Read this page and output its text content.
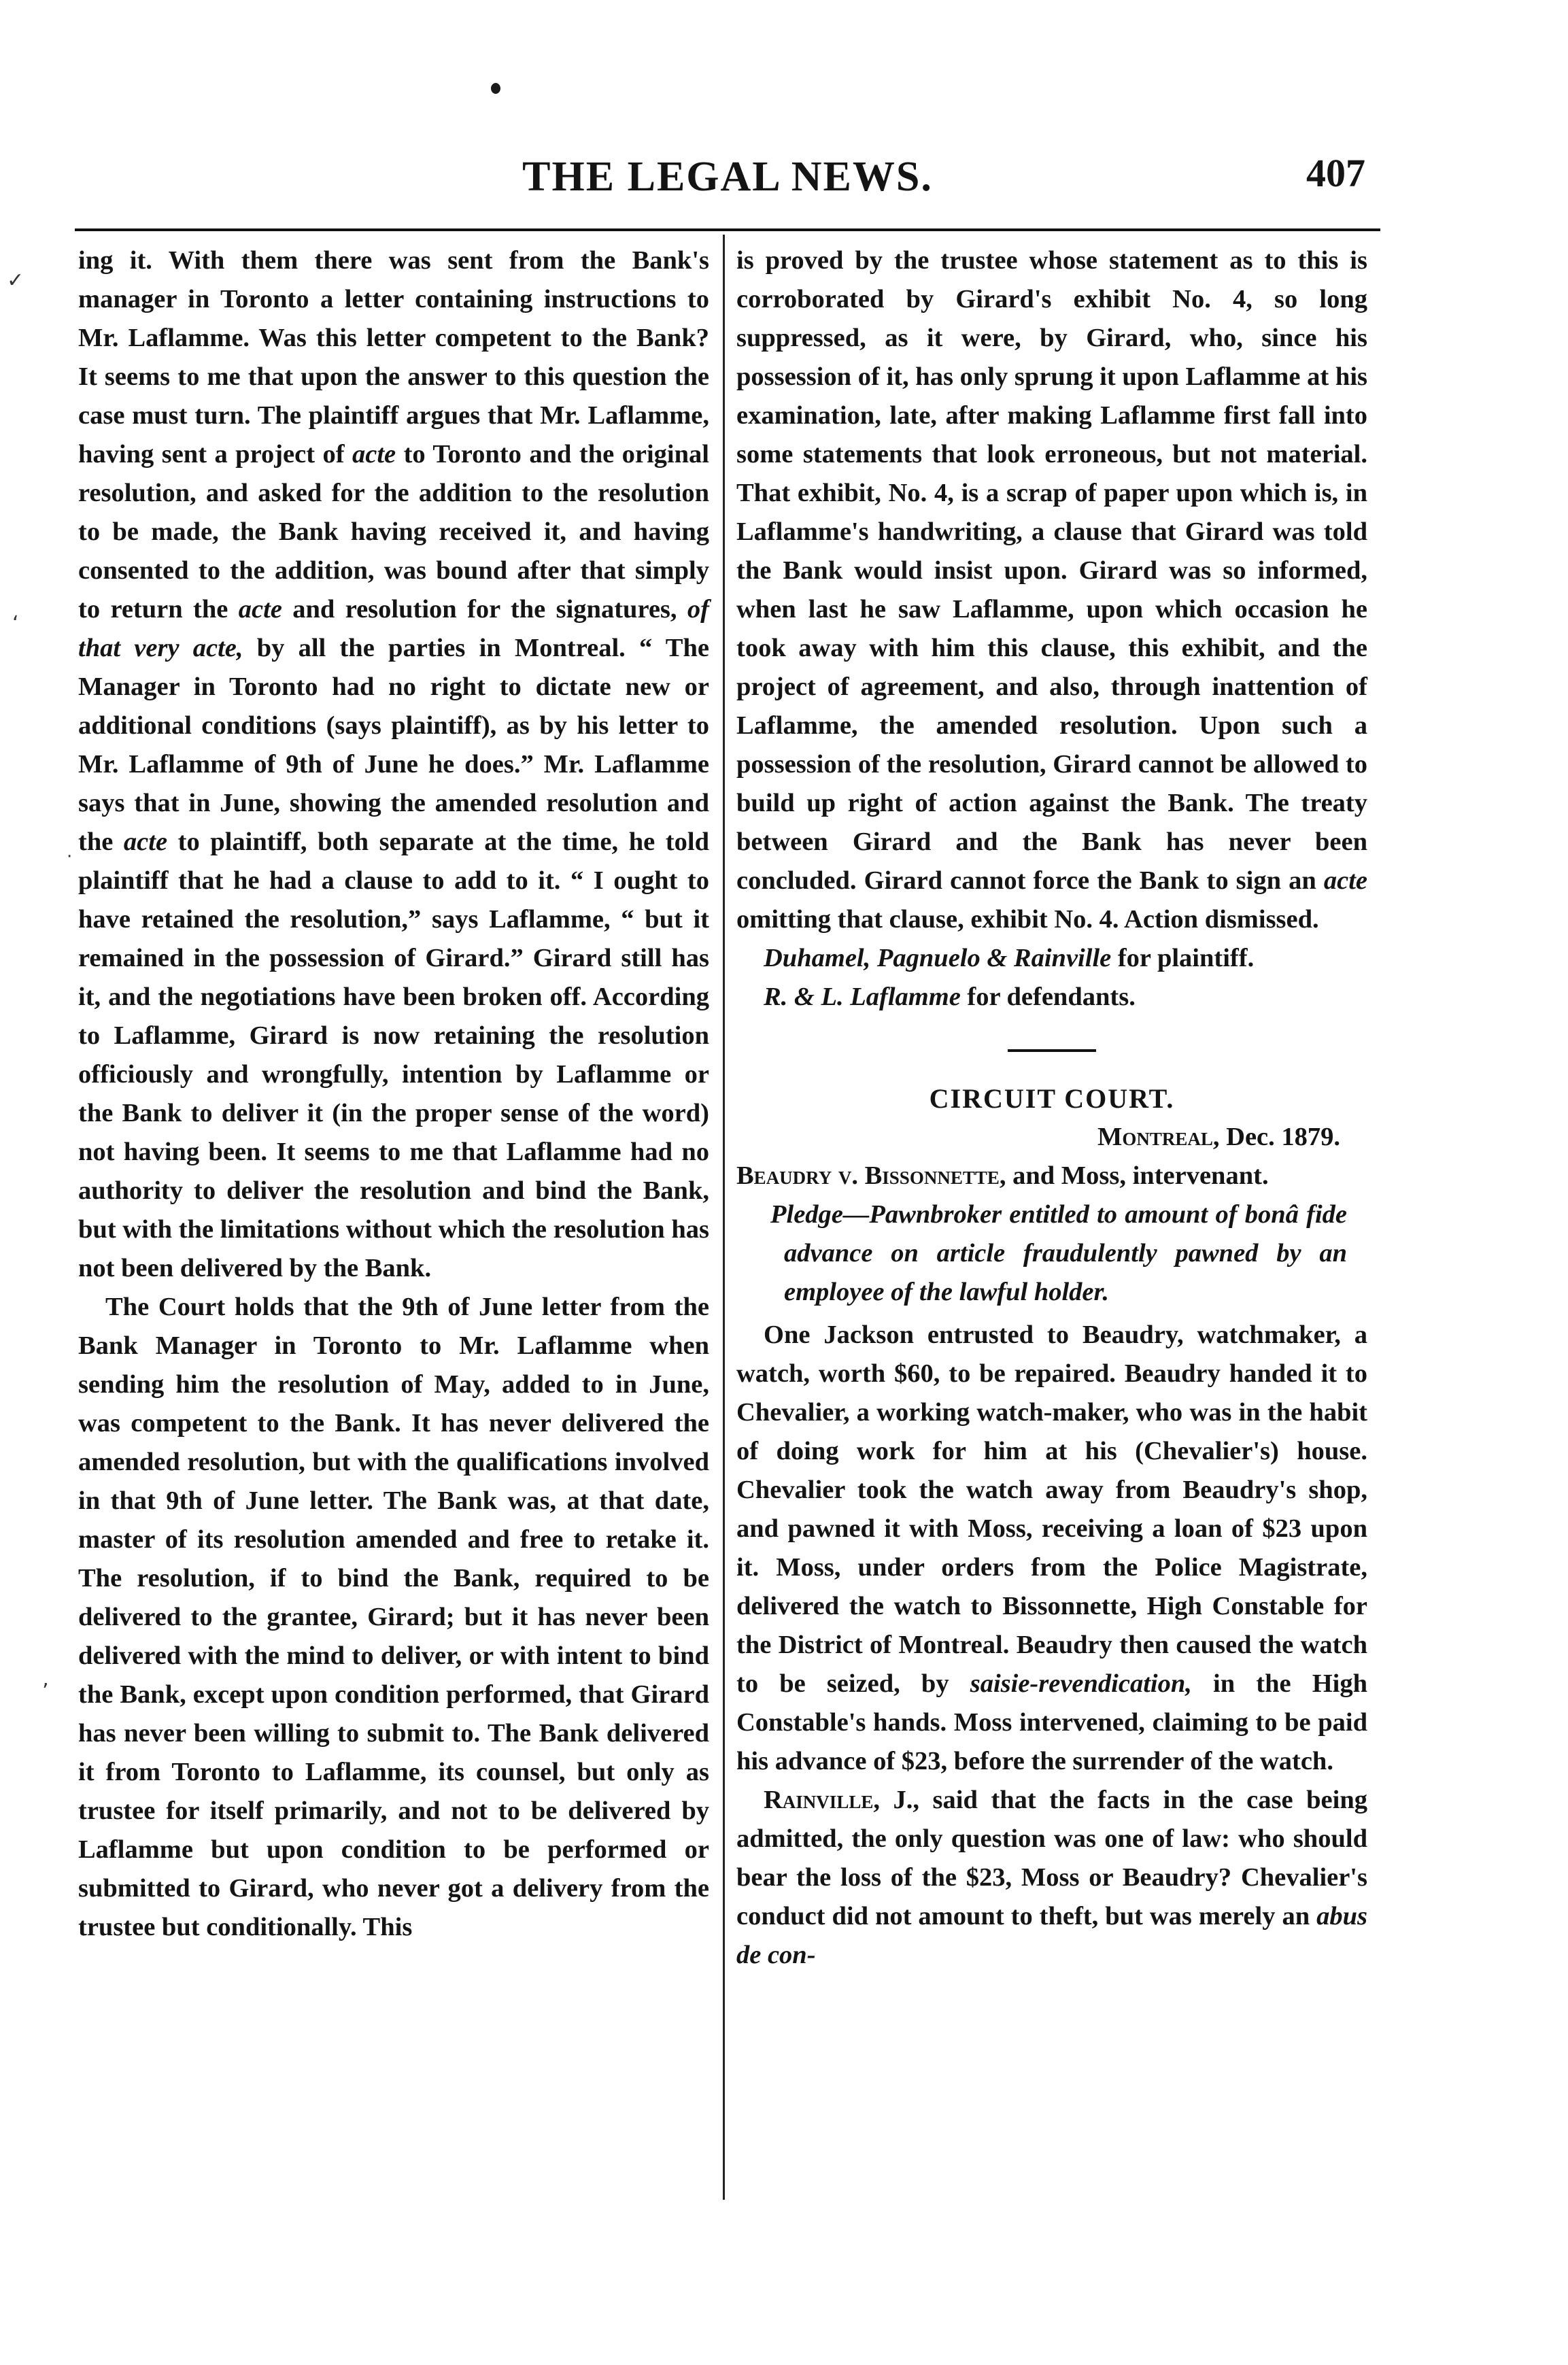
✓
‘
·
’
THE LEGAL NEWS.	407

ing it. With them there was sent from the Bank's manager in Toronto a letter containing instructions to Mr. Laflamme. Was this letter competent to the Bank? It seems to me that upon the answer to this question the case must turn. The plaintiff argues that Mr. Laflamme, having sent a project of acte to Toronto and the original resolution, and asked for the addition to the resolution to be made, the Bank having received it, and having consented to the addition, was bound after that simply to return the acte and resolution for the signatures, of that very acte, by all the parties in Montreal. “ The Manager in Toronto had no right to dictate new or additional conditions (says plaintiff), as by his letter to Mr. Laflamme of 9th of June he does.” Mr. Laflamme says that in June, showing the amended resolution and the acte to plaintiff, both separate at the time, he told plaintiff that he had a clause to add to it. “ I ought to have retained the resolution,” says Laflamme, “ but it remained in the possession of Girard.” Girard still has it, and the negotiations have been broken off. According to Laflamme, Girard is now retaining the resolution officiously and wrongfully, intention by Laflamme or the Bank to deliver it (in the proper sense of the word) not having been. It seems to me that Laflamme had no authority to deliver the resolution and bind the Bank, but with the limitations without which the resolution has not been delivered by the Bank.

The Court holds that the 9th of June letter from the Bank Manager in Toronto to Mr. Laflamme when sending him the resolution of May, added to in June, was competent to the Bank. It has never delivered the amended resolution, but with the qualifications involved in that 9th of June letter. The Bank was, at that date, master of its resolution amended and free to retake it. The resolution, if to bind the Bank, required to be delivered to the grantee, Girard; but it has never been delivered with the mind to deliver, or with intent to bind the Bank, except upon condition performed, that Girard has never been willing to submit to. The Bank delivered it from Toronto to Laflamme, its counsel, but only as trustee for itself primarily, and not to be delivered by Laflamme but upon condition to be performed or submitted to Girard, who never got a delivery from the trustee but conditionally. This

is proved by the trustee whose statement as to this is corroborated by Girard's exhibit No. 4, so long suppressed, as it were, by Girard, who, since his possession of it, has only sprung it upon Laflamme at his examination, late, after making Laflamme first fall into some statements that look erroneous, but not material. That exhibit, No. 4, is a scrap of paper upon which is, in Laflamme's handwriting, a clause that Girard was told the Bank would insist upon. Girard was so informed, when last he saw Laflamme, upon which occasion he took away with him this clause, this exhibit, and the project of agreement, and also, through inattention of Laflamme, the amended resolution. Upon such a possession of the resolution, Girard cannot be allowed to build up right of action against the Bank. The treaty between Girard and the Bank has never been concluded. Girard cannot force the Bank to sign an acte omitting that clause, exhibit No. 4. Action dismissed.

Duhamel, Pagnuelo & Rainville for plaintiff.

R. & L. Laflamme for defendants.

CIRCUIT COURT.

Montreal, Dec. 1879.

Beaudry v. Bissonnette, and Moss, intervenant.

Pledge—Pawnbroker entitled to amount of bonâ fide advance on article fraudulently pawned by an employee of the lawful holder.

One Jackson entrusted to Beaudry, watchmaker, a watch, worth $60, to be repaired. Beaudry handed it to Chevalier, a working watch-maker, who was in the habit of doing work for him at his (Chevalier's) house. Chevalier took the watch away from Beaudry's shop, and pawned it with Moss, receiving a loan of $23 upon it. Moss, under orders from the Police Magistrate, delivered the watch to Bissonnette, High Constable for the District of Montreal. Beaudry then caused the watch to be seized, by saisie-revendication, in the High Constable's hands. Moss intervened, claiming to be paid his advance of $23, before the surrender of the watch.

Rainville, J., said that the facts in the case being admitted, the only question was one of law: who should bear the loss of the $23, Moss or Beaudry? Chevalier's conduct did not amount to theft, but was merely an abus de con-
